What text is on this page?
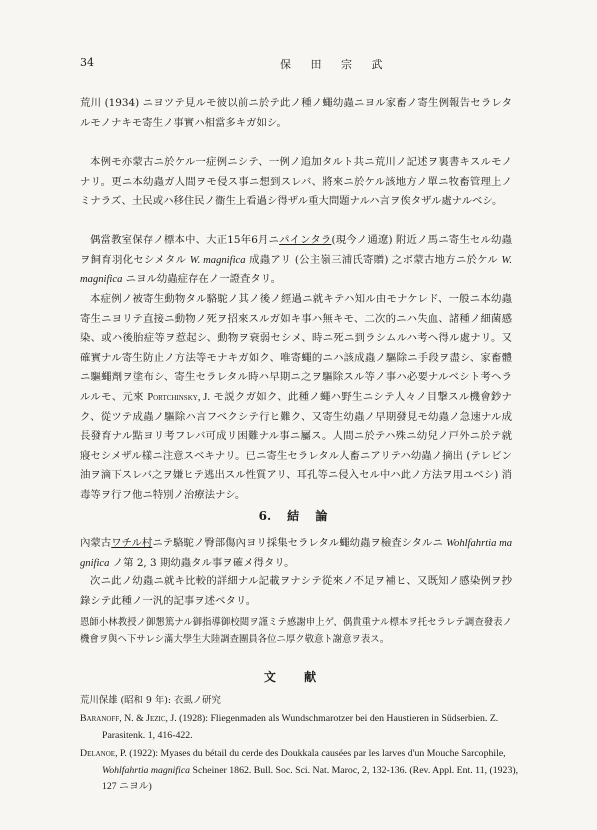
34	保 田 宗 武

荒川 (1934) ニヨツテ見ルモ彼以前ニ於テ此ノ種ノ蠅幼蟲ニヨル家畜ノ寄生例報告セラレタルモノナキモ寄生ノ事實ハ相當多キガ如シ。

本例モ亦蒙古ニ於ケル一症例ニシテ、一例ノ追加タルト共ニ荒川ノ記述ヲ裏書キスルモノナリ。更ニ本幼蟲ガ人間ヲモ侵ス事ニ想到スレバ、將來ニ於ケル該地方ノ單ニ牧畜管理上ノミナラズ、土民或ハ移住民ノ衞生上看過シ得ザル重大問題ナルハ言ヲ俟タザル處ナルベシ。

偶當教室保存ノ標本中、大正15年6月ニパインタラ(現今ノ通遼) 附近ノ馬ニ寄生セル幼蟲ヲ飼育羽化セシメタル W. magnifica 成蟲アリ (公主嶺三浦氏寄贈) 之ボ蒙古地方ニ於ケル W. magnifica ニヨル幼蟲症存在ノ一證査タリ。

本症例ノ被寄生動物タル駱駝ノ其ノ後ノ經過ニ就キテハ知ル由モナケレド、一般ニ本幼蟲寄生ニヨリテ直接ニ動物ノ死ヲ招來スルガ如キ事ハ無キモ、二次的ニハ失血、諸種ノ細菌感染、或ハ後胎症等ヲ惹起シ、動物ヲ衰弱セシメ、時ニ死ニ到ラシムルハ考ヘ得ル處ナリ。又確實ナル寄生防止ノ方法等モナキガ如ク、唯寄蠅的ニハ該成蟲ノ驅除ニ手段ヲ盡シ、家畜體ニ驅蠅劑ヲ塗布シ、寄生セラレタル時ハ早期ニ之ヲ驅除スル等ノ事ハ必要ナルベシト考ヘラルルモ、元來 Portchinsky, J. モ説クガ如ク、此種ノ蠅ハ野生ニシテ人々ノ目撃スル機會鈔ナク、從ツテ成蟲ノ驅除ハ言フベクシテ行ヒ難ク、又寄生幼蟲ノ早期發見モ幼蟲ノ急速ナル成長發育ナル點ヨリ考フレバ可成リ困難ナル事ニ屬ス。人間ニ於テハ殊ニ幼兒ノ戸外ニ於テ就寢セシメザル樣ニ注意スベキナリ。已ニ寄生セラレタル人畜ニアリテハ幼蟲ノ摘出 (テレビン油ヲ滴下スレバ之ヲ嫌ヒテ逃出スル性質アリ、耳孔等ニ侵入セル中ハ此ノ方法ヲ用ユベシ) 消毒等ヲ行フ他ニ特別ノ治療法ナシ。

6. 結 論

內蒙古ワチル村ニテ駱駝ノ臀部傷內ヨリ採集セラレタル蠅幼蟲ヲ檢査シタルニ Wohlfahrtia magnifica ノ第 2, 3 期幼蟲タル事ヲ確メ得タリ。

次ニ此ノ幼蟲ニ就キ比較的詳細ナル記載ヲナシテ從來ノ不足ヲ補ヒ、又既知ノ感染例ヲ抄錄シテ此種ノ一汎的記事ヲ述ベタリ。

恩師小林教授ノ御懇篤ナル御指導御校閲ヲ謹ミテ感謝申上ゲ、偶貴重ナル標本ヲ托セラレテ調查發表ノ機會ヲ與ヘ下サレシ滿大學生大陸調查團員各位ニ厚ク敬意ト謝意ヲ表ス。

文 献

荒川保雄 (昭和 9 年): 衣虱ノ研究

Baranoff, N. & Jezic, J. (1928): Fliegenmaden als Wundschmarotzer bei den Haustieren in Südserbien. Z. Parasitenk. 1, 416-422.

Delanoe, P. (1922): Myases du bétail du cerde des Doukkala causées par les larves d'un Mouche Sarcophile, Wohlfahrtia magnifica Scheiner 1862. Bull. Soc. Sci. Nat. Maroc, 2, 132-136. (Rev. Appl. Ent. 11, (1923), 127 ニヨル)
